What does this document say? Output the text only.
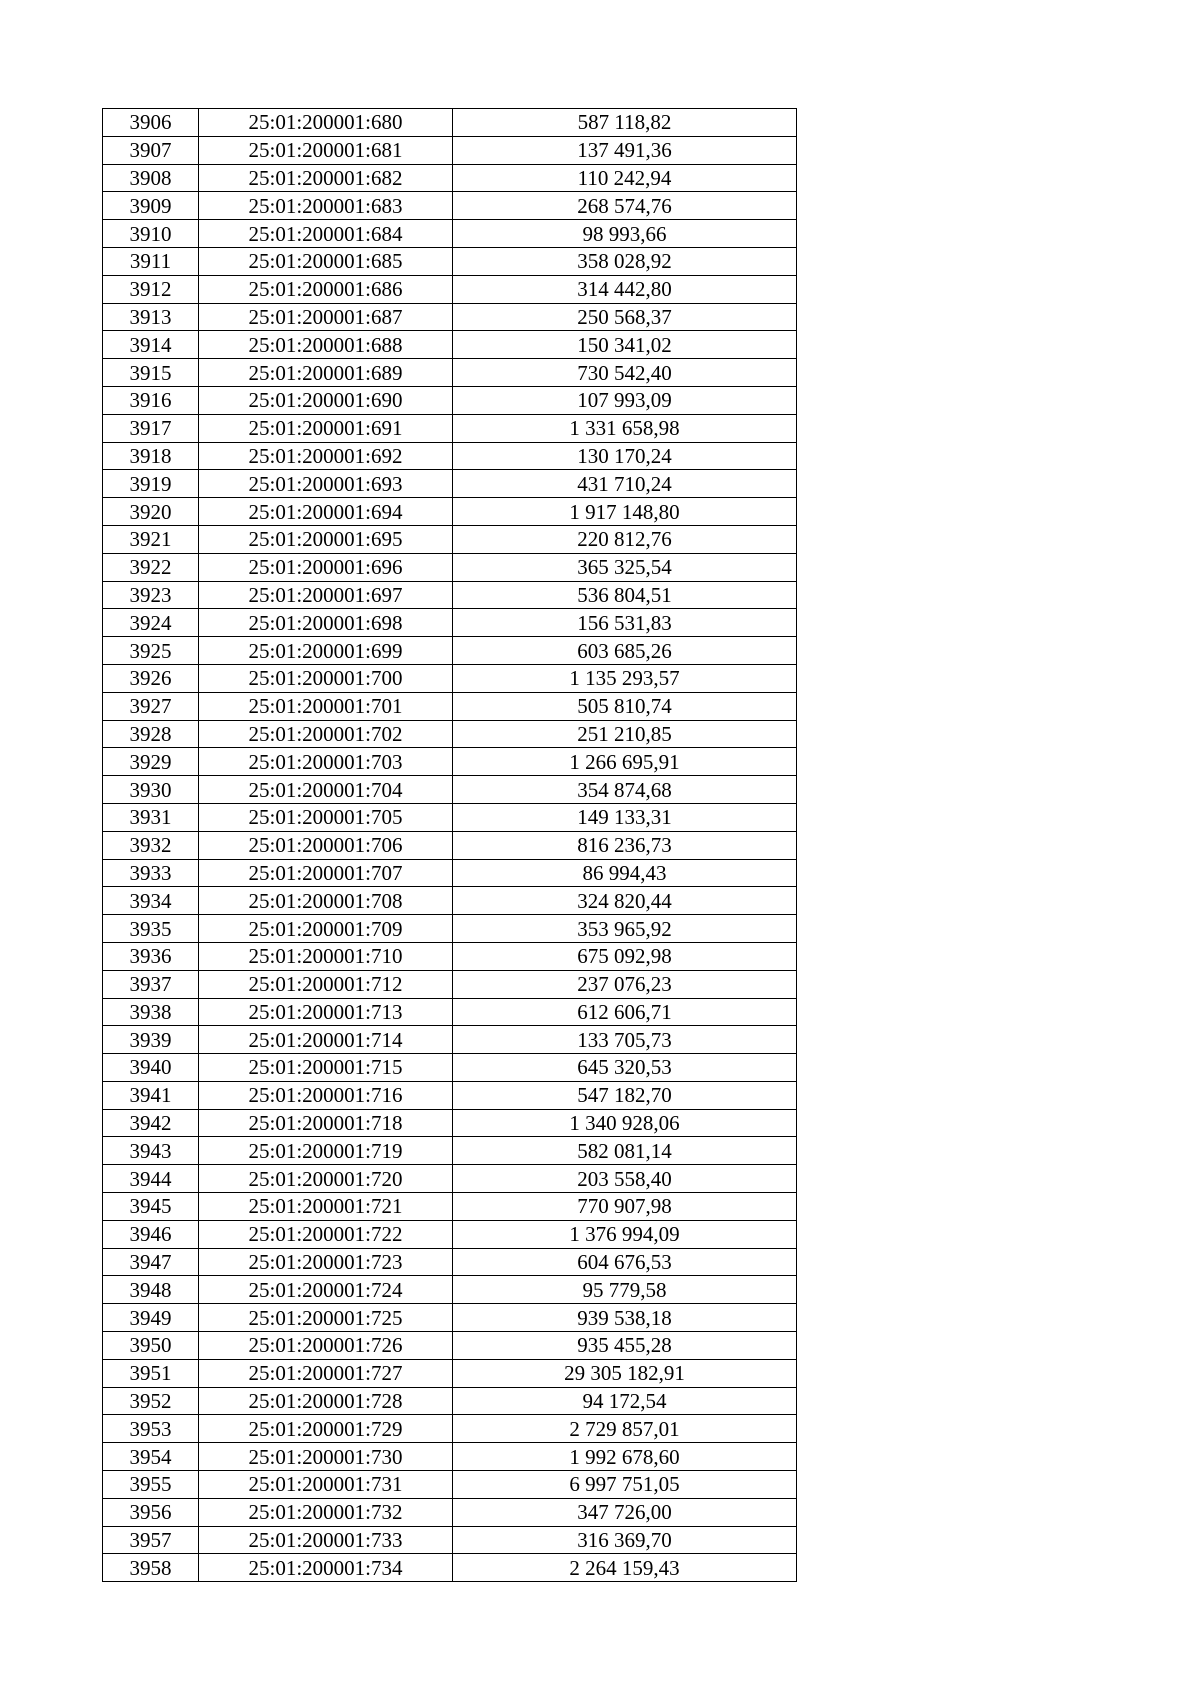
3906	25:01:200001:680	587 118,82
3907	25:01:200001:681	137 491,36
3908	25:01:200001:682	110 242,94
3909	25:01:200001:683	268 574,76
3910	25:01:200001:684	98 993,66
3911	25:01:200001:685	358 028,92
3912	25:01:200001:686	314 442,80
3913	25:01:200001:687	250 568,37
3914	25:01:200001:688	150 341,02
3915	25:01:200001:689	730 542,40
3916	25:01:200001:690	107 993,09
3917	25:01:200001:691	1 331 658,98
3918	25:01:200001:692	130 170,24
3919	25:01:200001:693	431 710,24
3920	25:01:200001:694	1 917 148,80
3921	25:01:200001:695	220 812,76
3922	25:01:200001:696	365 325,54
3923	25:01:200001:697	536 804,51
3924	25:01:200001:698	156 531,83
3925	25:01:200001:699	603 685,26
3926	25:01:200001:700	1 135 293,57
3927	25:01:200001:701	505 810,74
3928	25:01:200001:702	251 210,85
3929	25:01:200001:703	1 266 695,91
3930	25:01:200001:704	354 874,68
3931	25:01:200001:705	149 133,31
3932	25:01:200001:706	816 236,73
3933	25:01:200001:707	86 994,43
3934	25:01:200001:708	324 820,44
3935	25:01:200001:709	353 965,92
3936	25:01:200001:710	675 092,98
3937	25:01:200001:712	237 076,23
3938	25:01:200001:713	612 606,71
3939	25:01:200001:714	133 705,73
3940	25:01:200001:715	645 320,53
3941	25:01:200001:716	547 182,70
3942	25:01:200001:718	1 340 928,06
3943	25:01:200001:719	582 081,14
3944	25:01:200001:720	203 558,40
3945	25:01:200001:721	770 907,98
3946	25:01:200001:722	1 376 994,09
3947	25:01:200001:723	604 676,53
3948	25:01:200001:724	95 779,58
3949	25:01:200001:725	939 538,18
3950	25:01:200001:726	935 455,28
3951	25:01:200001:727	29 305 182,91
3952	25:01:200001:728	94 172,54
3953	25:01:200001:729	2 729 857,01
3954	25:01:200001:730	1 992 678,60
3955	25:01:200001:731	6 997 751,05
3956	25:01:200001:732	347 726,00
3957	25:01:200001:733	316 369,70
3958	25:01:200001:734	2 264 159,43
